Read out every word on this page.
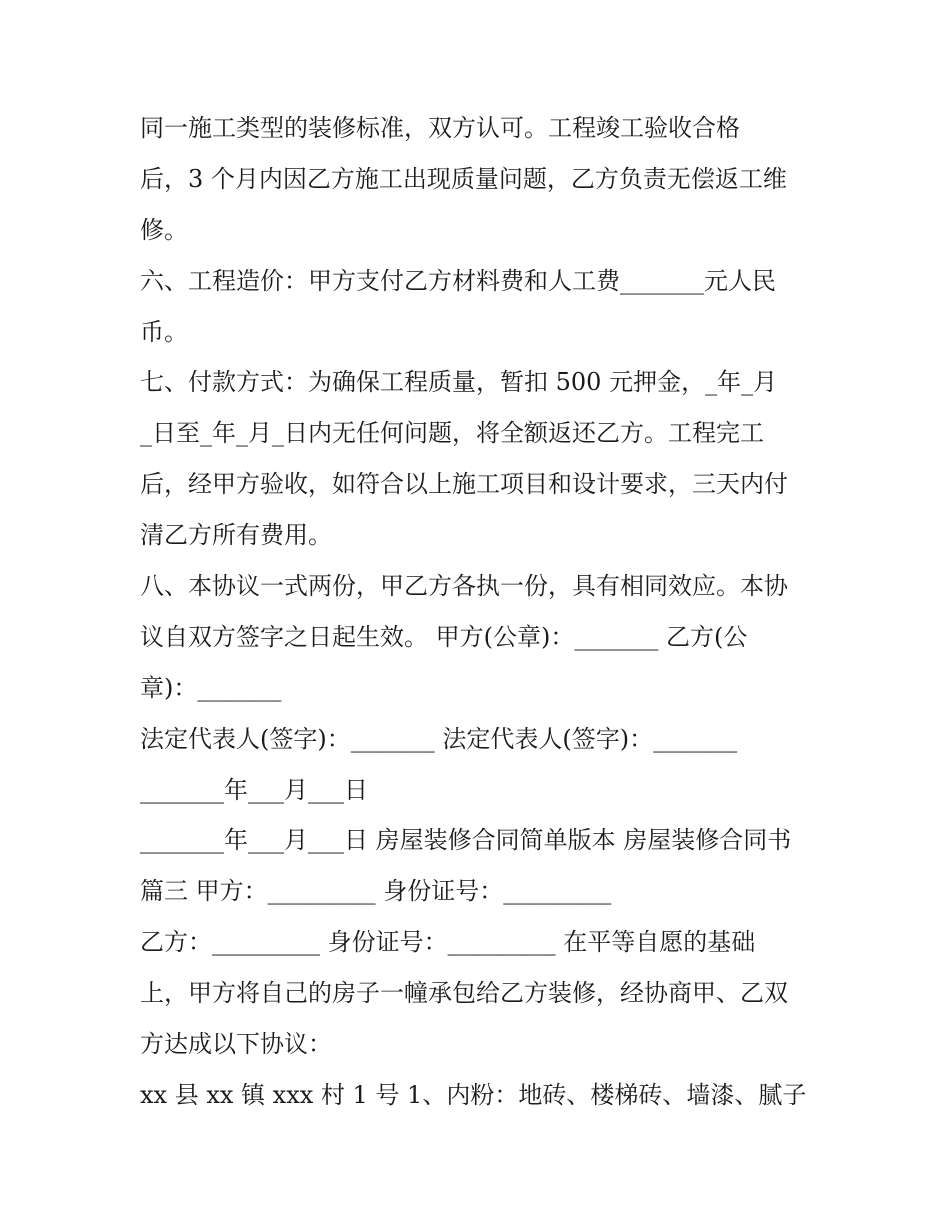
同一施工类型的装修标准，双方认可。工程竣工验收合格
后，3 个月内因乙方施工出现质量问题，乙方负责无偿返工维
修。
六、工程造价：甲方支付乙方材料费和人工费_______元人民
币。
七、付款方式：为确保工程质量，暂扣 500 元押金，_年_月
_日至_年_月_日内无任何问题，将全额返还乙方。工程完工
后，经甲方验收，如符合以上施工项目和设计要求，三天内付
清乙方所有费用。
八、本协议一式两份，甲乙方各执一份，具有相同效应。本协
议自双方签字之日起生效。 甲方(公章)：_______ 乙方(公
章)：_______
法定代表人(签字)：_______ 法定代表人(签字)：_______
_______年___月___日
_______年___月___日 房屋装修合同简单版本 房屋装修合同书
篇三 甲方：_________ 身份证号：_________
乙方：_________ 身份证号：_________ 在平等自愿的基础
上，甲方将自己的房子一幢承包给乙方装修，经协商甲、乙双
方达成以下协议：
xx 县 xx 镇 xxx 村 1 号 1、内粉：地砖、楼梯砖、墙漆、腻子
